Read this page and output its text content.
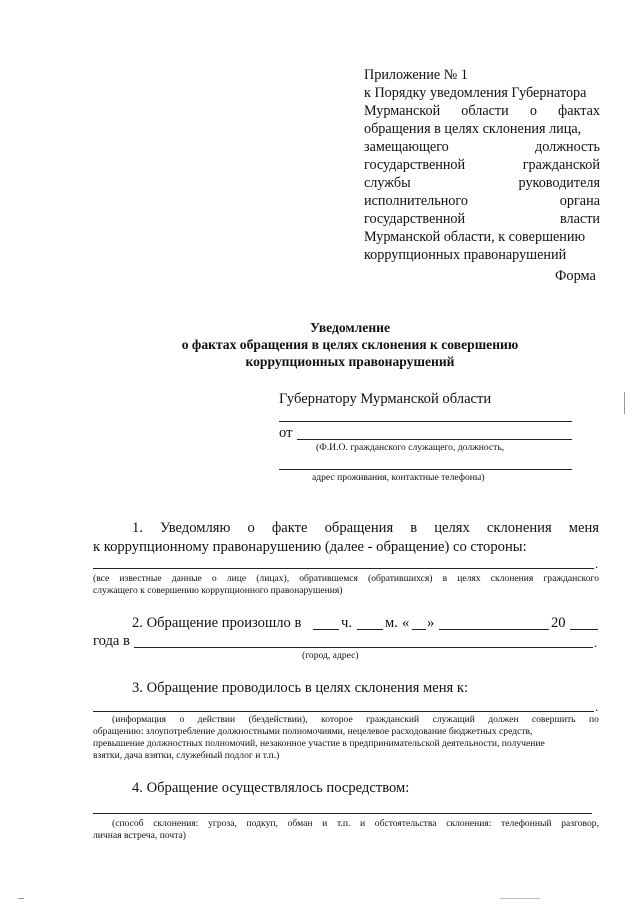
Приложение № 1
к Порядку уведомления Губернатора
Мурманской области о фактах
обращения в целях склонения лица,
замещающего	должность
государственной	гражданской
службы	руководителя
исполнительного	органа
государственной	власти
Мурманской области, к совершению
коррупционных правонарушений
Форма
Уведомление
о фактах обращения в целях склонения к совершению
коррупционных правонарушений
Губернатору Мурманской области
от
(Ф.И.О. гражданского служащего, должность,
адрес проживания, контактные телефоны)
1. Уведомляю о факте обращения в целях склонения меня
к коррупционному правонарушению (далее - обращение) со стороны:
.
(все известные данные о лице (лицах), обратившемся (обратившихся) в целях склонения гражданского
служащего к совершению коррупционного правонарушения)
2. Обращение произошло в	ч. м. « »	20
года в	.
(город, адрес)
3. Обращение проводилось в целях склонения меня к:
.
(информация о действии (бездействии), которое гражданский служащий должен совершить по
обращению: злоупотребление должностными полномочиями, нецелевое расходование бюджетных средств,
превышение должностных полномочий, незаконное участие в предпринимательской деятельности, получение
взятки, дача взятки, служебный подлог и т.п.)
4. Обращение осуществлялось посредством:
(способ склонения: угроза, подкуп, обман и т.п. и обстоятельства склонения: телефонный разговор,
личная встреча, почта)
